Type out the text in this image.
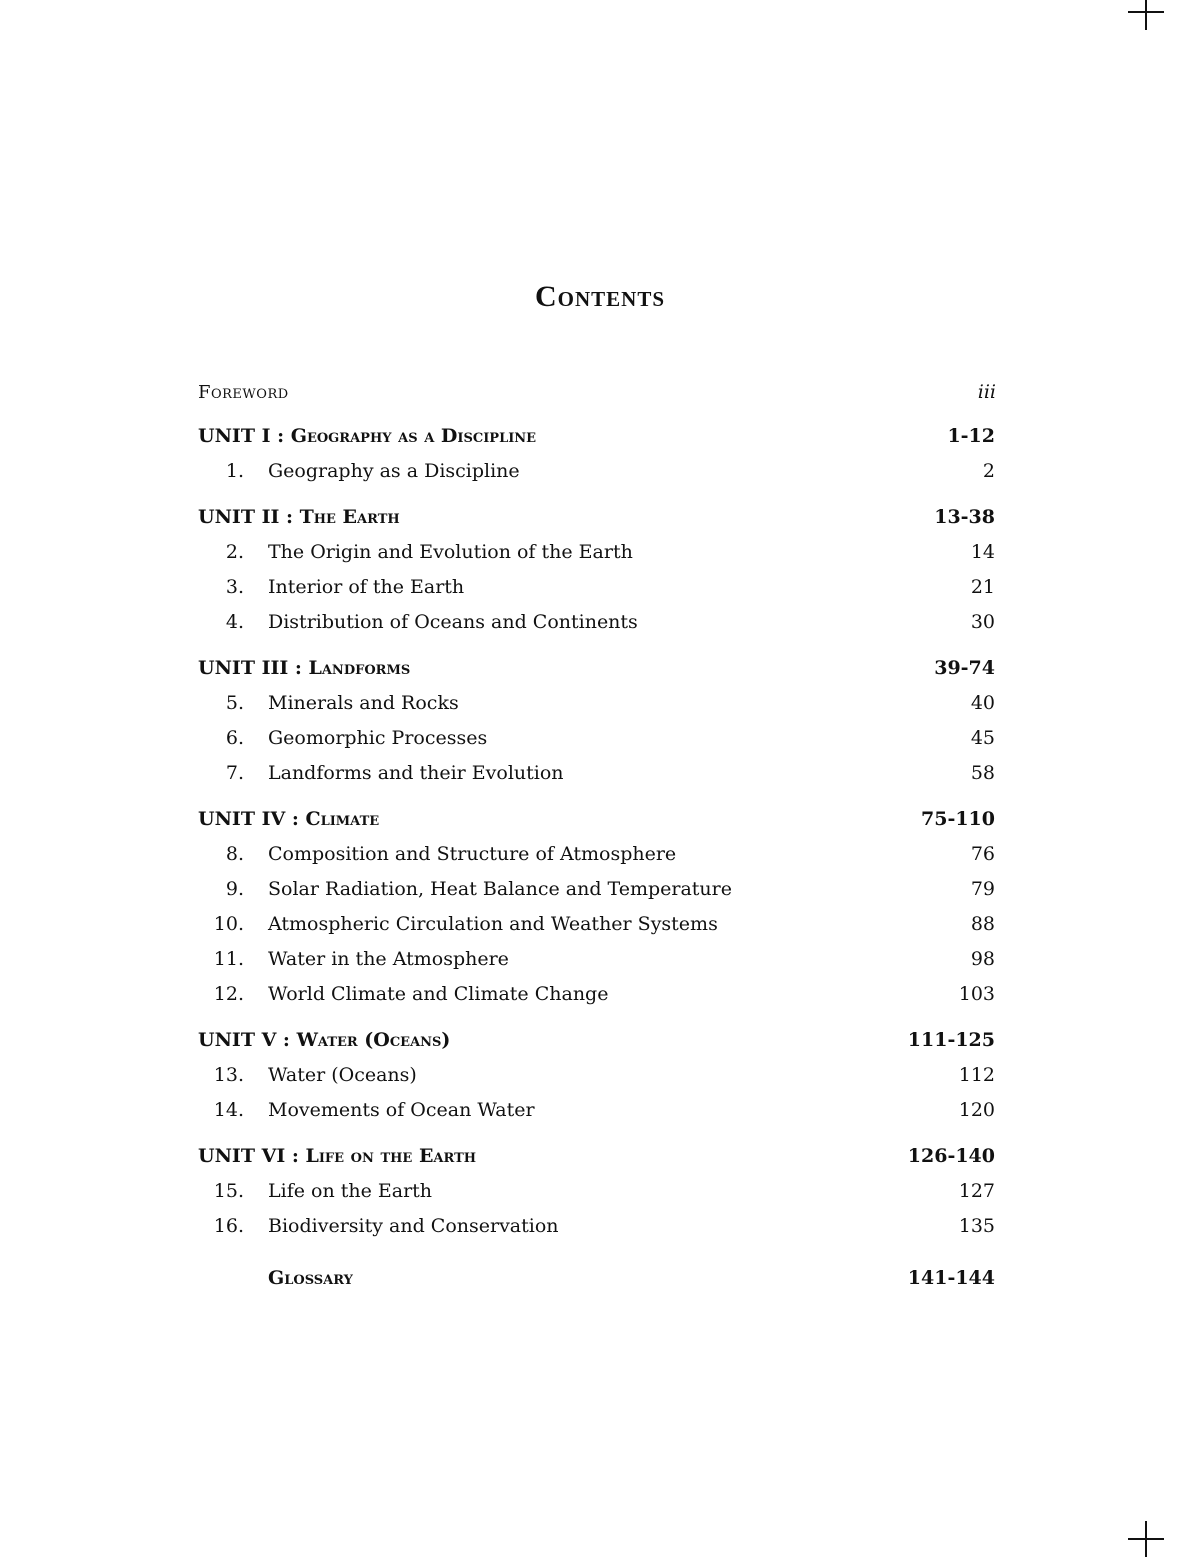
Contents
Foreword	iii
UNIT I : Geography as a Discipline	1-12
1. Geography as a Discipline	2
UNIT II : The Earth	13-38
2. The Origin and Evolution of the Earth	14
3. Interior of the Earth	21
4. Distribution of Oceans and Continents	30
UNIT III : Landforms	39-74
5. Minerals and Rocks	40
6. Geomorphic Processes	45
7. Landforms and their Evolution	58
UNIT IV : Climate	75-110
8. Composition and Structure of Atmosphere	76
9. Solar Radiation, Heat Balance and Temperature	79
10. Atmospheric Circulation and Weather Systems	88
11. Water in the Atmosphere	98
12. World Climate and Climate Change	103
UNIT V : Water (Oceans)	111-125
13. Water (Oceans)	112
14. Movements of Ocean Water	120
UNIT VI : Life on the Earth	126-140
15. Life on the Earth	127
16. Biodiversity and Conservation	135
Glossary	141-144
